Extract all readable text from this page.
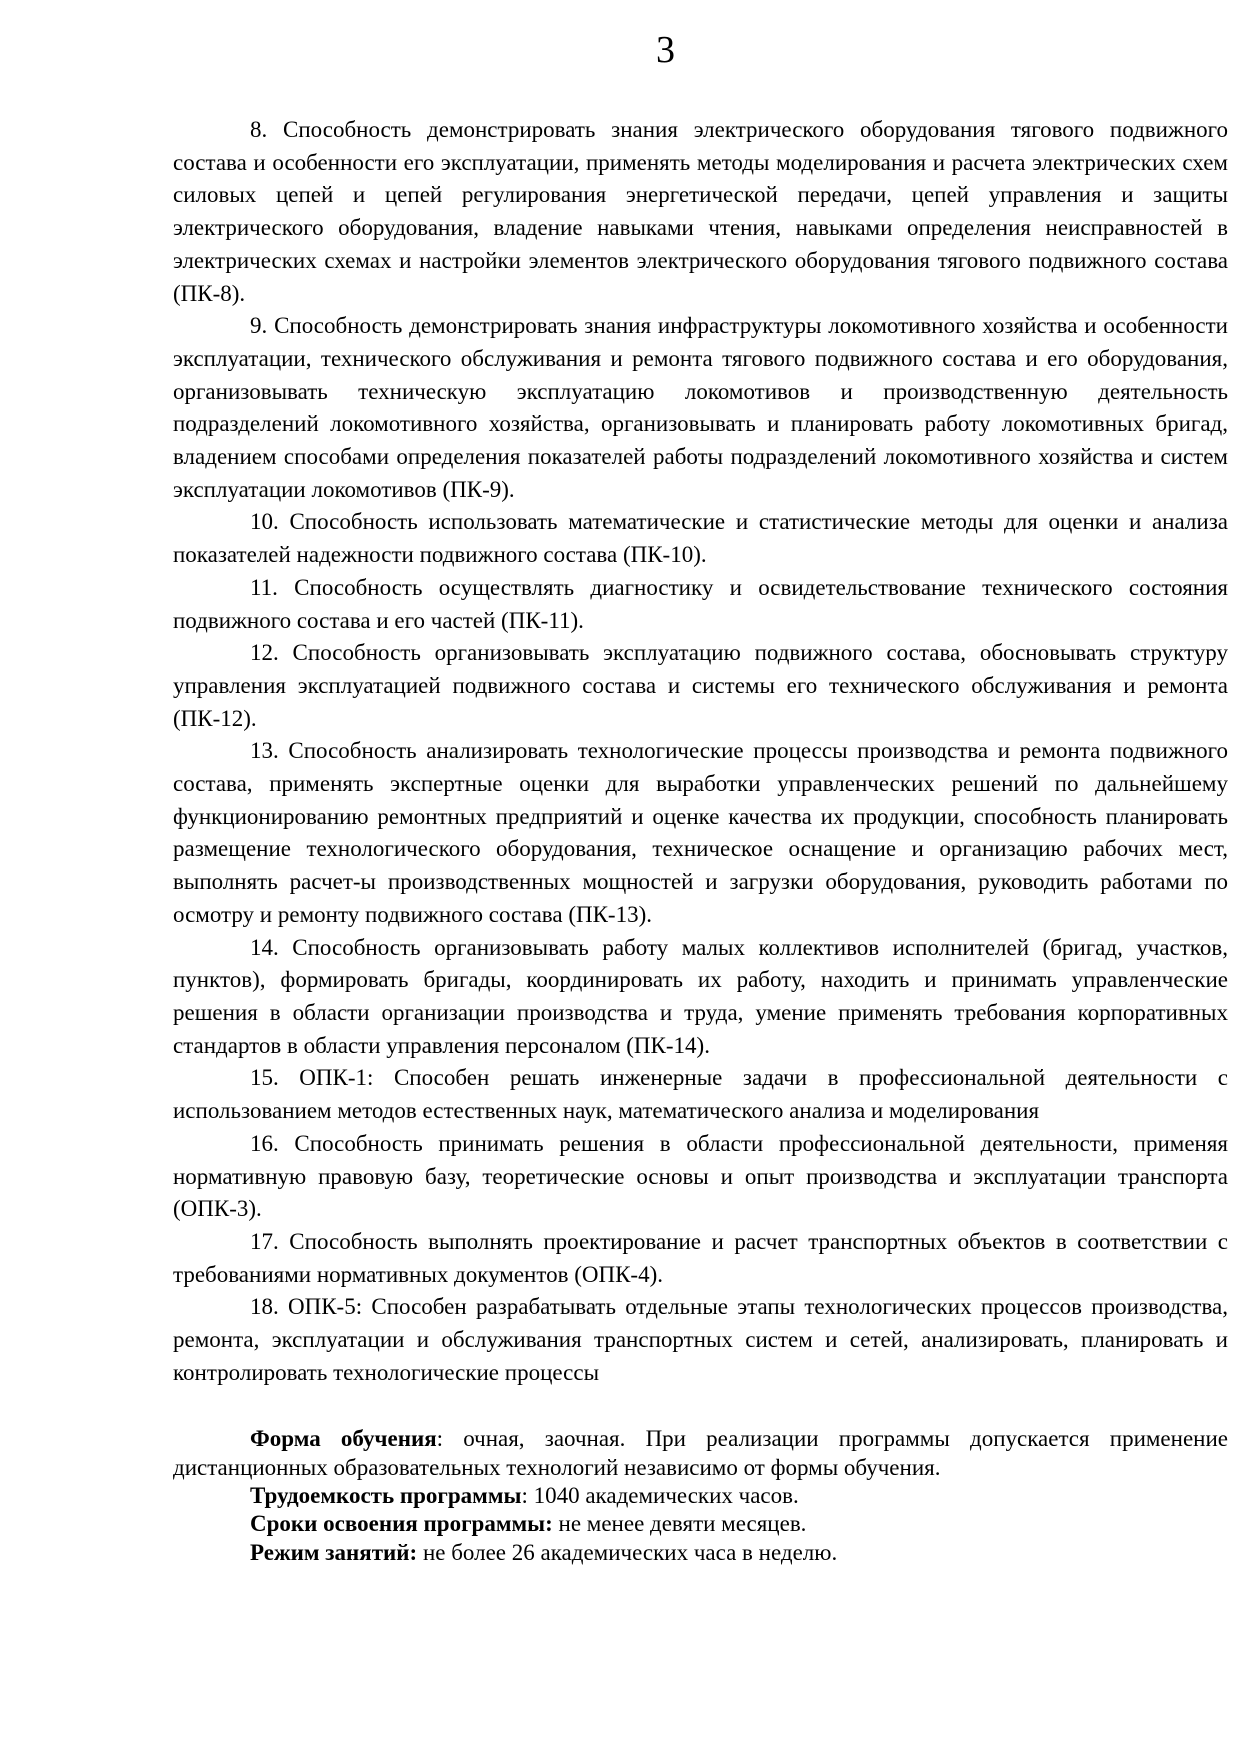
3

8. Способность демонстрировать знания электрического оборудования тягового подвижного состава и особенности его эксплуатации, применять методы моделирования и расчета электрических схем силовых цепей и цепей регулирования энергетической передачи, цепей управления и защиты электрического оборудования, владение навыками чтения, навыками определения неисправностей в электрических схемах и настройки элементов электрического оборудования тягового подвижного состава (ПК-8).

9. Способность демонстрировать знания инфраструктуры локомотивного хозяйства и особенности эксплуатации, технического обслуживания и ремонта тягового подвижного состава и его оборудования, организовывать техническую эксплуатацию локомотивов и производственную деятельность подразделений локомотивного хозяйства, организовывать и планировать работу локомотивных бригад, владением способами определения показателей работы подразделений локомотивного хозяйства и систем эксплуатации локомотивов (ПК-9).

10. Способность использовать математические и статистические методы для оценки и анализа показателей надежности подвижного состава (ПК-10).

11. Способность осуществлять диагностику и освидетельствование технического состояния подвижного состава и его частей (ПК-11).

12. Способность организовывать эксплуатацию подвижного состава, обосновывать структуру управления эксплуатацией подвижного состава и системы его технического обслуживания и ремонта (ПК-12).

13. Способность анализировать технологические процессы производства и ремонта подвижного состава, применять экспертные оценки для выработки управленческих решений по дальнейшему функционированию ремонтных предприятий и оценке качества их продукции, способность планировать размещение технологического оборудования, техническое оснащение и организацию рабочих мест, выполнять расчет-ы производственных мощностей и загрузки оборудования, руководить работами по осмотру и ремонту подвижного состава (ПК-13).

14. Способность организовывать работу малых коллективов исполнителей (бригад, участков, пунктов), формировать бригады, координировать их работу, находить и принимать управленческие решения в области организации производства и труда, умение применять требования корпоративных стандартов в области управления персоналом (ПК-14).

15. ОПК-1: Способен решать инженерные задачи в профессиональной деятельности с использованием методов естественных наук, математического анализа и моделирования

16. Способность принимать решения в области профессиональной деятельности, применяя нормативную правовую базу, теоретические основы и опыт производства и эксплуатации транспорта (ОПК-3).

17. Способность выполнять проектирование и расчет транспортных объектов в соответствии с требованиями нормативных документов (ОПК-4).

18. ОПК-5: Способен разрабатывать отдельные этапы технологических процессов производства, ремонта, эксплуатации и обслуживания транспортных систем и сетей, анализировать, планировать и контролировать технологические процессы

Форма обучения: очная, заочная. При реализации программы допускается применение дистанционных образовательных технологий независимо от формы обучения.

Трудоемкость программы: 1040 академических часов.

Сроки освоения программы: не менее девяти месяцев.

Режим занятий: не более 26 академических часа в неделю.
